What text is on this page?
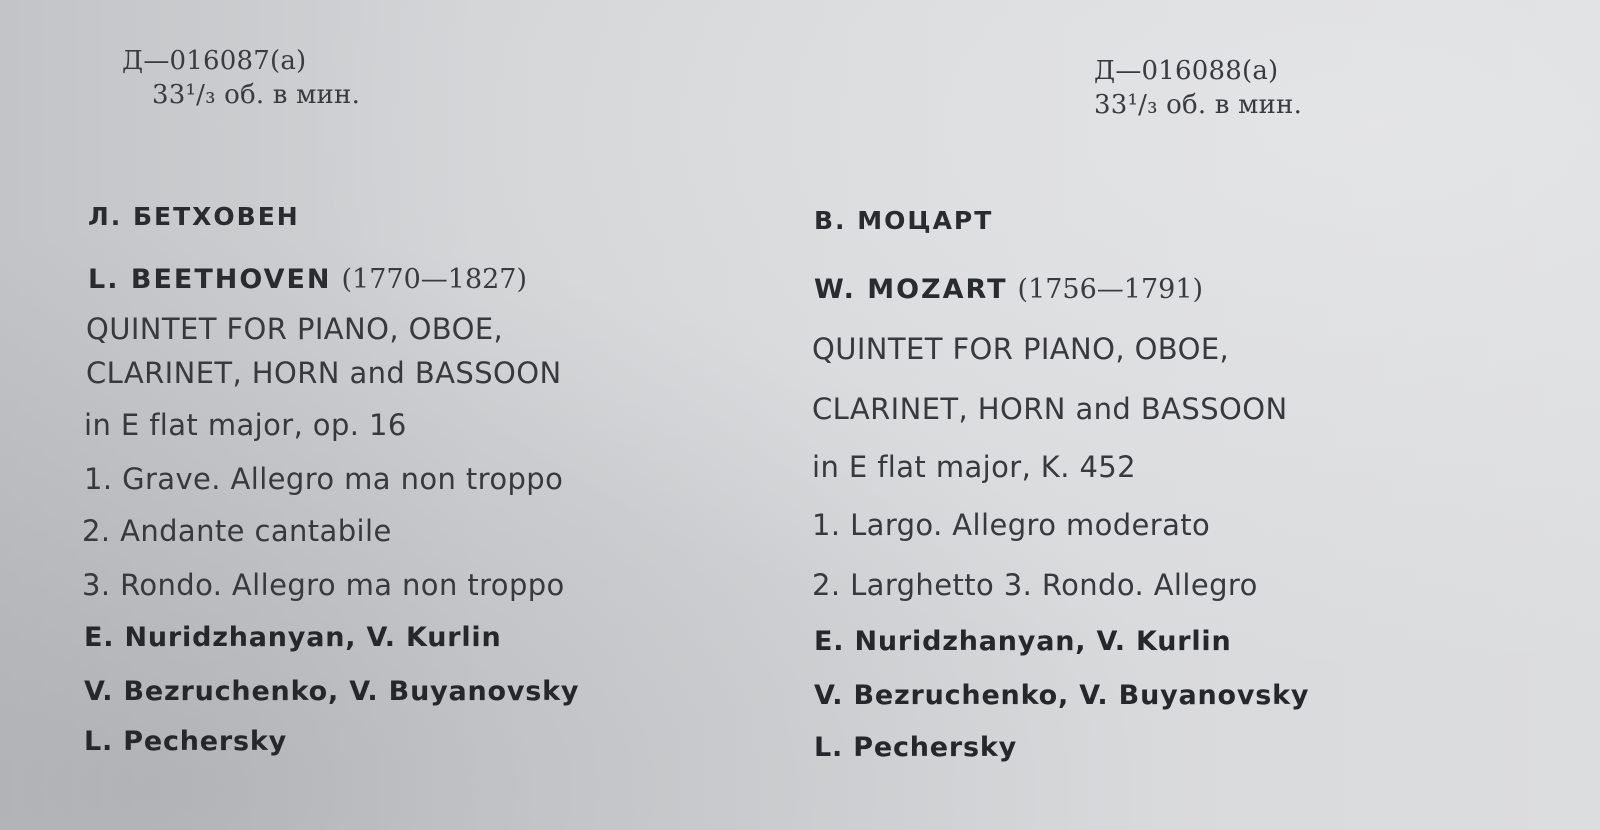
Д—016087(а)
33¹/₃ об. в мин.
Л. БЕТХОВЕН
L. BEETHOVEN (1770—1827)
QUINTET FOR PIANO, OBOE,
CLARINET, HORN and BASSOON
in E flat major, op. 16
1. Grave. Allegro ma non troppo
2. Andante cantabile
3. Rondo. Allegro ma non troppo
E. Nuridzhanyan, V. Kurlin
V. Bezruchenko, V. Buyanovsky
L. Pechersky
Д—016088(а)
33¹/₃ об. в мин.
В. МОЦАРТ
W. MOZART (1756—1791)
QUINTET FOR PIANO, OBOE,
CLARINET, HORN and BASSOON
in E flat major, K. 452
1. Largo. Allegro moderato
2. Larghetto 3. Rondo. Allegro
E. Nuridzhanyan, V. Kurlin
V. Bezruchenko, V. Buyanovsky
L. Pechersky
